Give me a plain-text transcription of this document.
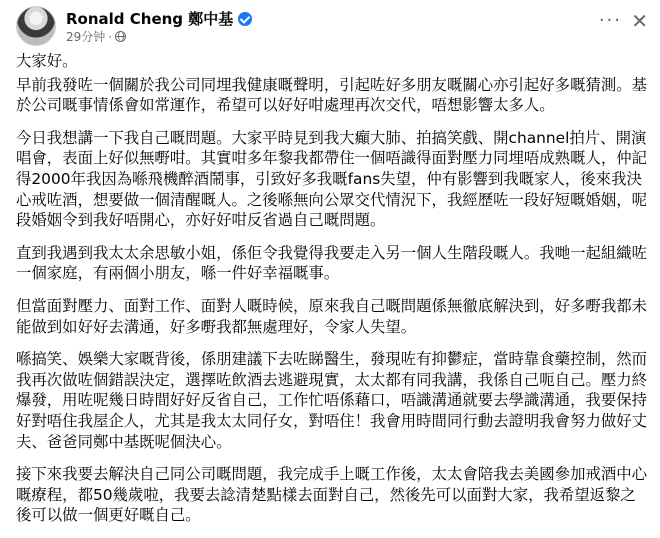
Ronald Cheng 鄭中基
29分钟 ·
··· ✕

大家好。

早前我發咗一個關於我公司同埋我健康嘅聲明，引起咗好多朋友嘅關心亦引起好多嘅猜測。基於公司嘅事情係會如常運作，希望可以好好咁處理再次交代，唔想影響太多人。

今日我想講一下我自己嘅問題。大家平時見到我大癲大肺、拍搞笑戲、開channel拍片、開演唱會，表面上好似無嘢咁。其實咁多年黎我都帶住一個唔識得面對壓力同埋唔成熟嘅人，仲記得2000年我因為喺飛機醉酒鬧事，引致好多我嘅fans失望，仲有影響到我嘅家人，後來我決心戒咗酒，想要做一個清醒嘅人。之後喺無向公眾交代情況下，我經歷咗一段好短嘅婚姻，呢段婚姻令到我好唔開心，亦好好咁反省過自己嘅問題。

直到我遇到我太太余思敏小姐，係佢令我覺得我要走入另一個人生階段嘅人。我哋一起組織咗一個家庭，有兩個小朋友，喺一件好幸福嘅事。

但當面對壓力、面對工作、面對人嘅時候，原來我自己嘅問題係無徹底解決到，好多嘢我都未能做到如好好去溝通，好多嘢我都無處理好，令家人失望。

喺搞笑、娛樂大家嘅背後，係朋建議下去咗睇醫生，發現咗有抑鬱症，當時靠食藥控制，然而我再次做咗個錯誤決定，選擇咗飲酒去逃避現實，太太都有同我講，我係自己呃自己。壓力終爆發，用咗呢幾日時間好好反省自己，工作忙唔係藉口，唔識溝通就要去學識溝通，我要保持好對唔住我屋企人，尤其是我太太同仔女，對唔住！我會用時間同行動去證明我會努力做好丈夫、爸爸同鄭中基既呢個決心。

接下來我要去解決自己同公司嘅問題，我完成手上嘅工作後，太太會陪我去美國參加戒酒中心嘅療程，都50幾歲啦，我要去諗清楚點樣去面對自己，然後先可以面對大家，我希望返黎之後可以做一個更好嘅自己。
